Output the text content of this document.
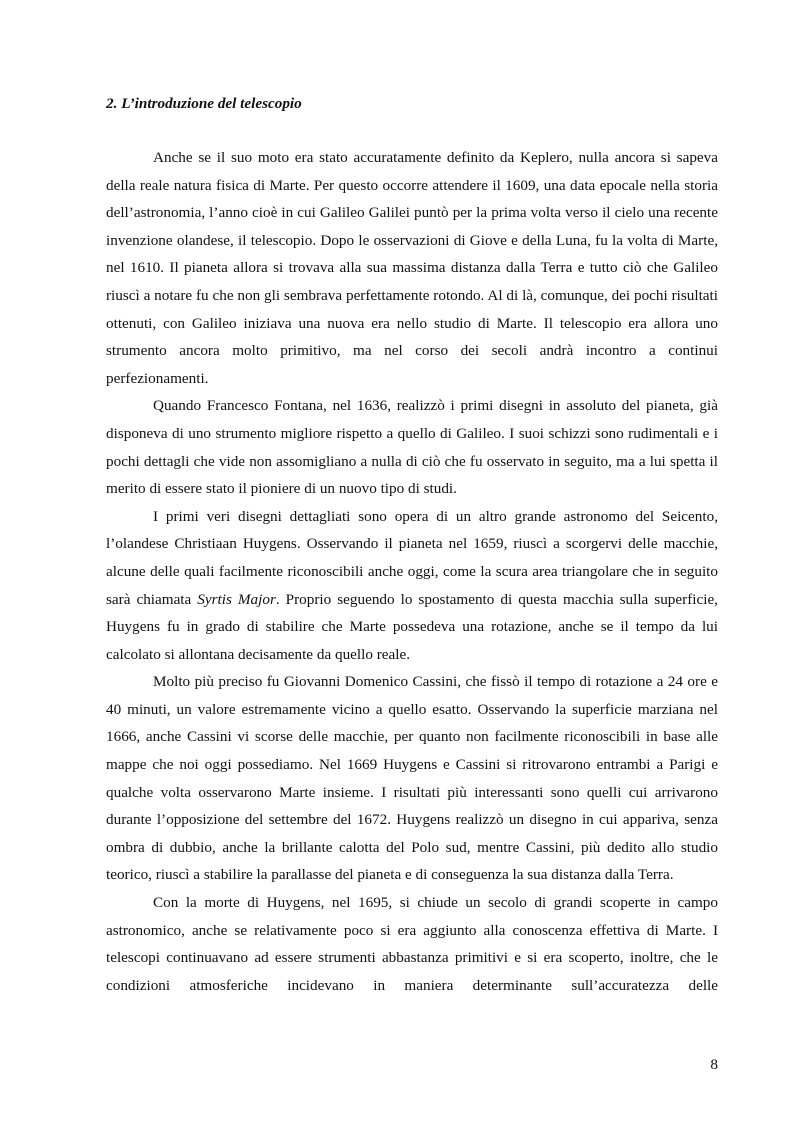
2. L’introduzione del telescopio

Anche se il suo moto era stato accuratamente definito da Keplero, nulla ancora si sapeva della reale natura fisica di Marte. Per questo occorre attendere il 1609, una data epocale nella storia dell’astronomia, l’anno cioè in cui Galileo Galilei puntò per la prima volta verso il cielo una recente invenzione olandese, il telescopio. Dopo le osservazioni di Giove e della Luna, fu la volta di Marte, nel 1610. Il pianeta allora si trovava alla sua massima distanza dalla Terra e tutto ciò che Galileo riuscì a notare fu che non gli sembrava perfettamente rotondo. Al di là, comunque, dei pochi risultati ottenuti, con Galileo iniziava una nuova era nello studio di Marte. Il telescopio era allora uno strumento ancora molto primitivo, ma nel corso dei secoli andrà incontro a continui perfezionamenti.

Quando Francesco Fontana, nel 1636, realizzò i primi disegni in assoluto del pianeta, già disponeva di uno strumento migliore rispetto a quello di Galileo. I suoi schizzi sono rudimentali e i pochi dettagli che vide non assomigliano a nulla di ciò che fu osservato in seguito, ma a lui spetta il merito di essere stato il pioniere di un nuovo tipo di studi.

I primi veri disegni dettagliati sono opera di un altro grande astronomo del Seicento, l’olandese Christiaan Huygens. Osservando il pianeta nel 1659, riuscì a scorgervi delle macchie, alcune delle quali facilmente riconoscibili anche oggi, come la scura area triangolare che in seguito sarà chiamata Syrtis Major. Proprio seguendo lo spostamento di questa macchia sulla superficie, Huygens fu in grado di stabilire che Marte possedeva una rotazione, anche se il tempo da lui calcolato si allontana decisamente da quello reale.

Molto più preciso fu Giovanni Domenico Cassini, che fissò il tempo di rotazione a 24 ore e 40 minuti, un valore estremamente vicino a quello esatto. Osservando la superficie marziana nel 1666, anche Cassini vi scorse delle macchie, per quanto non facilmente riconoscibili in base alle mappe che noi oggi possediamo. Nel 1669 Huygens e Cassini si ritrovarono entrambi a Parigi e qualche volta osservarono Marte insieme. I risultati più interessanti sono quelli cui arrivarono durante l’opposizione del settembre del 1672. Huygens realizzò un disegno in cui appariva, senza ombra di dubbio, anche la brillante calotta del Polo sud, mentre Cassini, più dedito allo studio teorico, riuscì a stabilire la parallasse del pianeta e di conseguenza la sua distanza dalla Terra.

Con la morte di Huygens, nel 1695, si chiude un secolo di grandi scoperte in campo astronomico, anche se relativamente poco si era aggiunto alla conoscenza effettiva di Marte. I telescopi continuavano ad essere strumenti abbastanza primitivi e si era scoperto, inoltre, che le condizioni atmosferiche incidevano in maniera determinante sull’accuratezza delle

8
